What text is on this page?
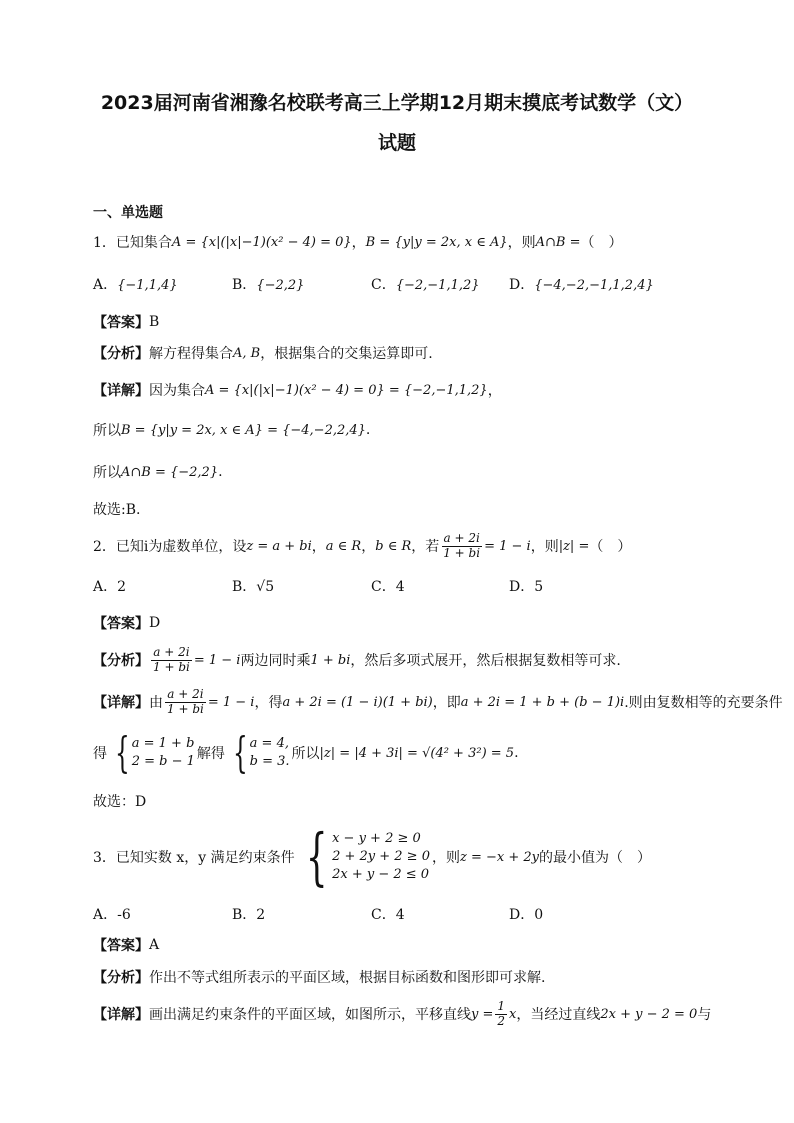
2023届河南省湘豫名校联考高三上学期12月期末摸底考试数学（文）
试题
一、单选题
1．已知集合 A = {x|(|x|−1)(x² − 4) = 0} ， B = {y|y = 2x, x ∈ A} ，则 A∩B = （　）
A．{−1,1,4}	B．{−2,2}	C．{−2,−1,1,2} D．{−4,−2,−1,1,2,4}
【答案】 B
【分析】 解方程得集合 A, B ，根据集合的交集运算即可.
【详解】 因为集合 A = {x|(|x|−1)(x² − 4) = 0} = {−2,−1,1,2} ，
所以 B = {y|y = 2x, x ∈ A} = {−4,−2,2,4} .
所以 A∩B = {−2,2} .
故选:B.
2．已知i为虚数单位，设 z = a + bi ， a ∈ R ， b ∈ R ，若 $\frac{a + 2i}{1 + bi} = 1 - i$ ，则 |z| = （　）
A．2	B．√5	C．4	D．5
【答案】 D
【分析】 $\frac{a + 2i}{1 + bi} = 1 - i$ 两边同时乘 1 + bi ，然后多项式展开，然后根据复数相等可求.
【详解】 由 $\frac{a + 2i}{1 + bi} = 1 - i$ ，得 a + 2i = (1 − i)(1 + bi) ，即 a + 2i = 1 + b + (b − 1)i .则由复数相等的充要条件
得 { a = 1 + b
2 = b − 1 解得 { a = 4,
b = 3. 所以 |z| = |4 + 3i| = √(4² + 3²) = 5 .
故选：D
3．已知实数 x，y 满足约束条件 { x − y + 2 ≥ 0
2 + 2y + 2 ≥ 0
2x + y − 2 ≤ 0
，则 z = −x + 2y 的最小值为（　）
A．-6	B．2	C．4	D．0
【答案】 A
【分析】 作出不等式组所表示的平面区域，根据目标函数和图形即可求解.
【详解】 画出满足约束条件的平面区域，如图所示，平移直线 $y = \frac{1}{2}$ x ，当经过直线 2x + y − 2 = 0 与
